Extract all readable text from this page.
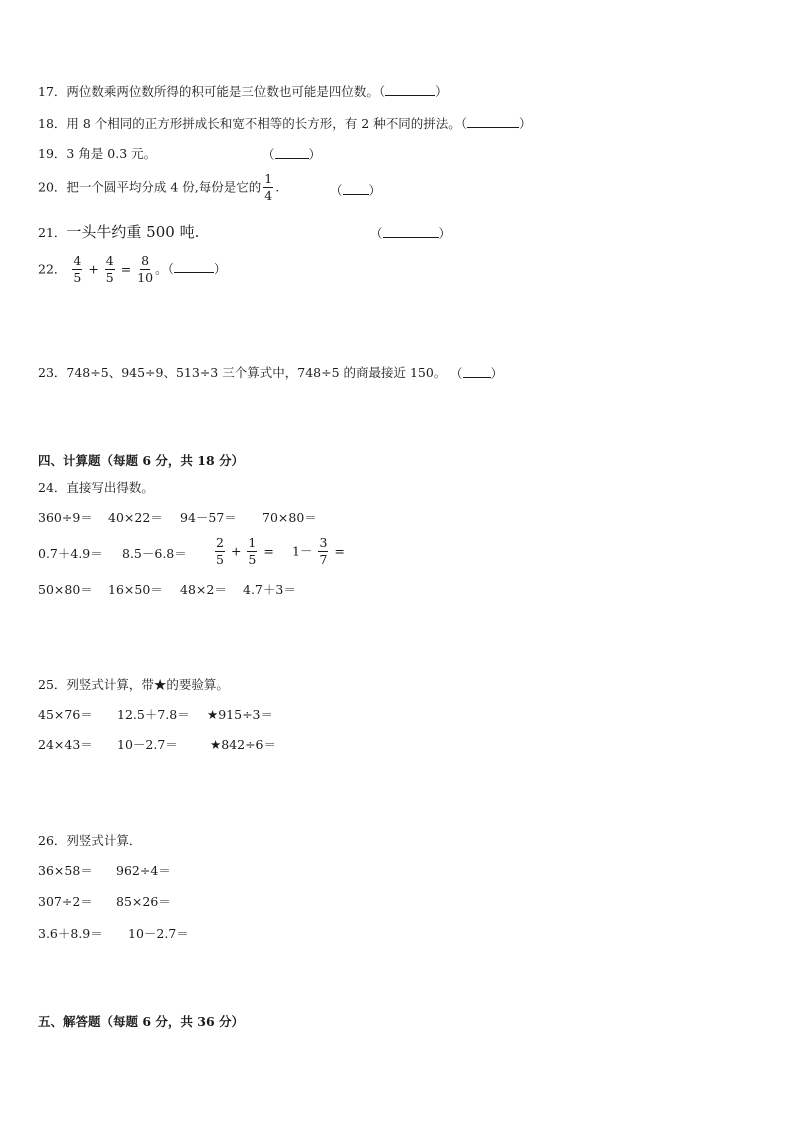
17．两位数乘两位数所得的积可能是三位数也可能是四位数。（	）
18．用 8 个相同的正方形拼成长和宽不相等的长方形，有 2 种不同的拼法。（	）
19．3 角是 0.3 元。	（	）
20．把一个圆平均分成 4 份,每份是它的 $\frac{1}{4}$ .	（ ）
21．一头牛约重 500 吨.	（	）
22． $\frac{4}{5} + \frac{4}{5} = \frac{8}{10}$ 。（	）
23．748÷5、945÷9、513÷3 三个算式中，748÷5 的商最接近 150。 （ ）
四、计算题（每题 6 分，共 18 分）
24．直接写出得数。
360÷9＝ 40×22＝ 94－57＝ 70×80＝
$0.7+4.9= 8.5-6.8= \frac{2}{5} + \frac{1}{5} = 1- \frac{3}{7}$ =
50×80＝ 16×50＝ 48×2＝ 4.7＋3＝
25．列竖式计算，带★的要验算。
45×76＝ 12.5＋7.8＝ ★915÷3＝
24×43＝ 10－2.7＝	★842÷6＝
26．列竖式计算．
36×58＝ 962÷4＝
307÷2＝ 85×26＝
3.6＋8.9＝ 10－2.7＝
五、解答题（每题 6 分，共 36 分）
